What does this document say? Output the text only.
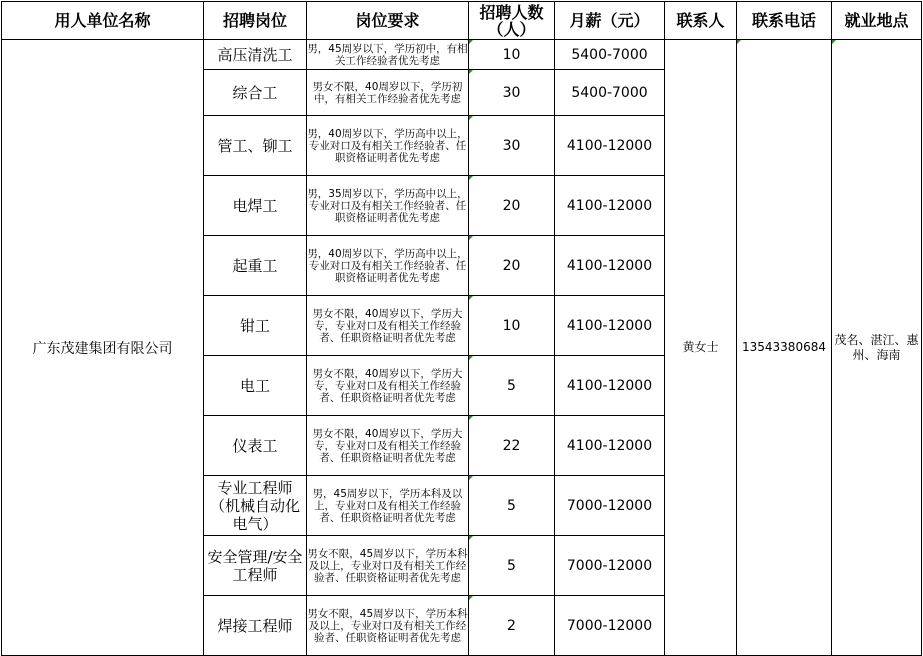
用人单位名称	招聘岗位	岗位要求	招聘人数（人）	月薪（元）	联系人	联系电话	就业地点
广东茂建集团有限公司	高压清洗工	男，45周岁以下，学历初中，有相关工作经验者优先考虑	10	5400-7000	黄女士	13543380684	茂名、湛江、惠州、海南
	综合工	男女不限，40周岁以下，学历初中，有相关工作经验者优先考虑	30	5400-7000			
	管工、铆工	男，40周岁以下，学历高中以上，专业对口及有相关工作经验者、任职资格证明者优先考虑	30	4100-12000			
	电焊工	男，35周岁以下，学历高中以上，专业对口及有相关工作经验者、任职资格证明者优先考虑	20	4100-12000			
	起重工	男，40周岁以下，学历高中以上，专业对口及有相关工作经验者、任职资格证明者优先考虑	20	4100-12000			
	钳工	男女不限，40周岁以下，学历大专，专业对口及有相关工作经验者、任职资格证明者优先考虑	10	4100-12000			
	电工	男女不限，40周岁以下，学历大专，专业对口及有相关工作经验者、任职资格证明者优先考虑	5	4100-12000			
	仪表工	男女不限，40周岁以下，学历大专，专业对口及有相关工作经验者、任职资格证明者优先考虑	22	4100-12000			
	专业工程师（机械自动化电气）	男，45周岁以下，学历本科及以上，专业对口及有相关工作经验者、任职资格证明者优先考虑	5	7000-12000			
	安全管理/安全工程师	男女不限，45周岁以下，学历本科及以上，专业对口及有相关工作经验者、任职资格证明者优先考虑	5	7000-12000			
	焊接工程师	男女不限，45周岁以下，学历本科及以上，专业对口及有相关工作经验者、任职资格证明者优先考虑	2	7000-12000			
